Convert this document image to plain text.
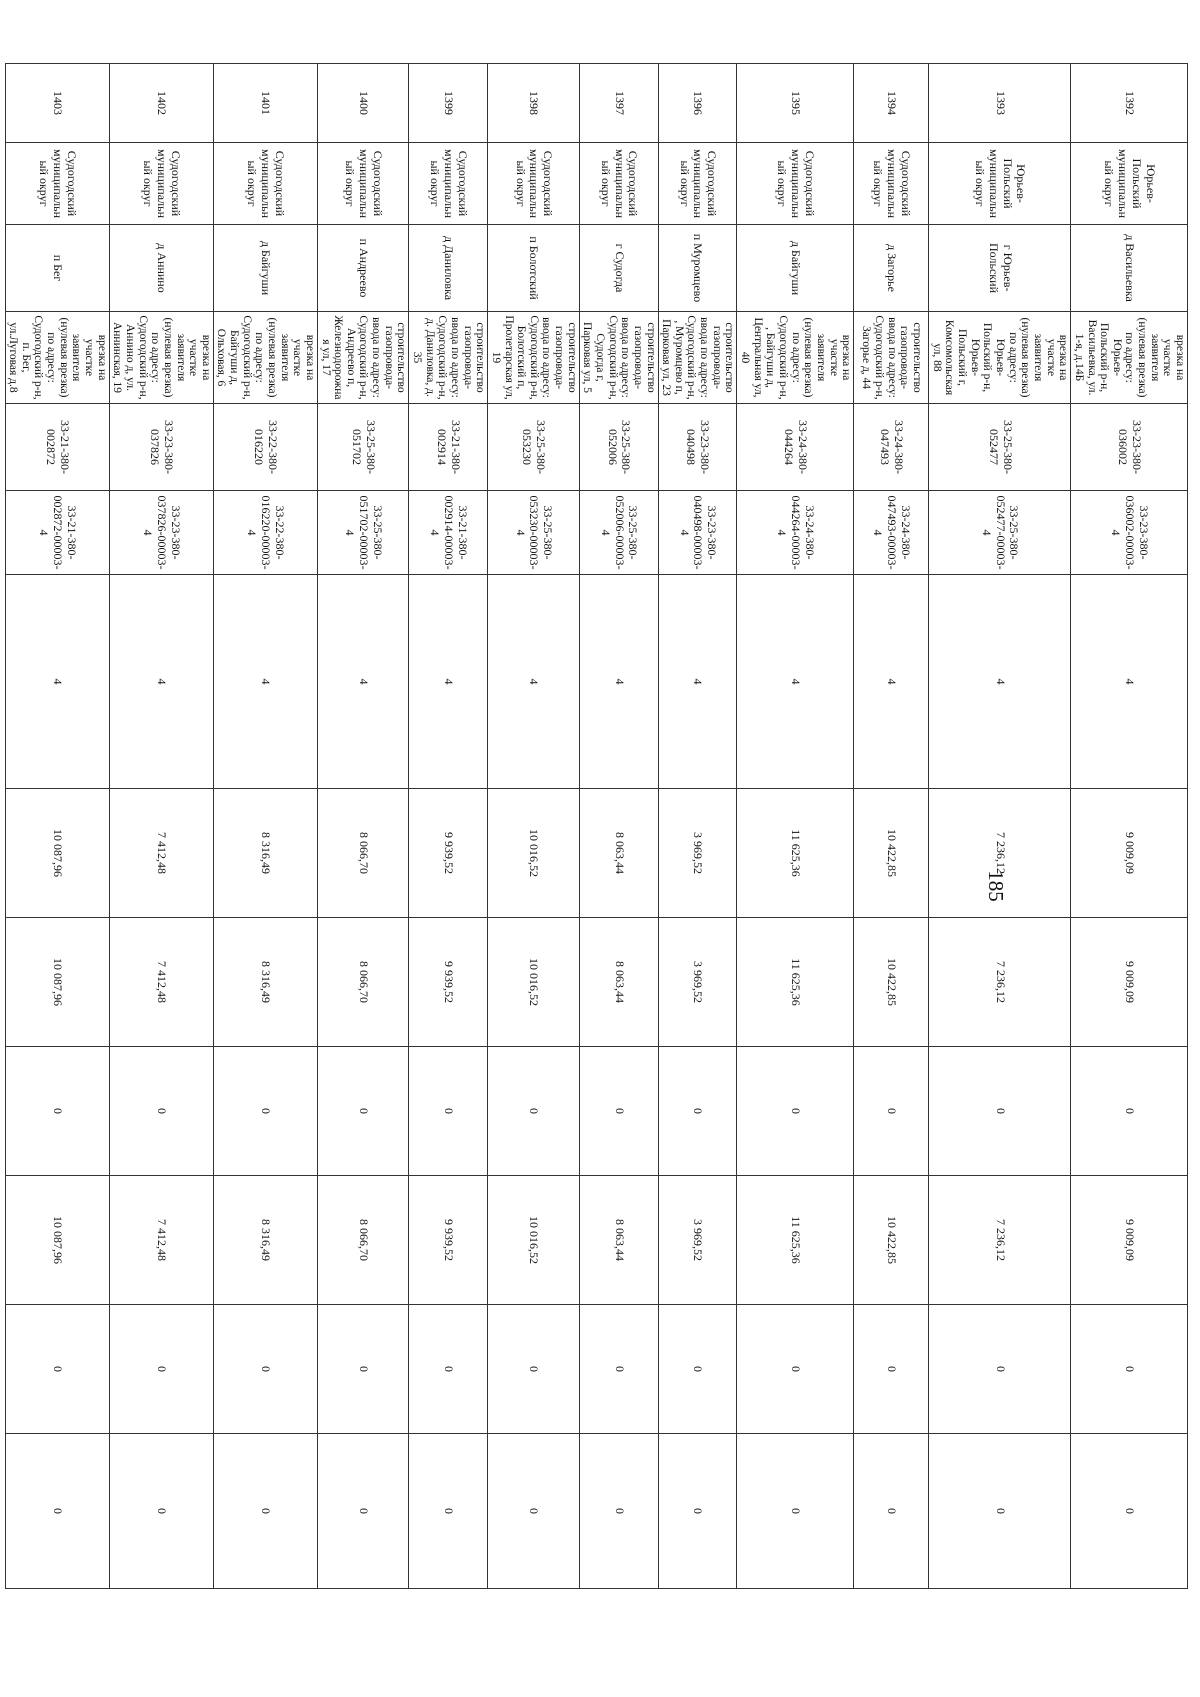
185
1392	Юрьев-Польский муниципальный округ	д Васильевка	врезка на участке заявителя (нулевая врезка) по адресу: Юрьев-Польский р-н, Васильевка, ул. 1-я, д.14Б	33-23-380-036002	33-23-380-036002-00003-4	4	9 009,09	9 009,09	0	9 009,09	0	0
1393	Юрьев-Польский муниципальный округ	г Юрьев-Польский	врезка на участке заявителя (нулевая врезка) по адресу: Юрьев-Польский р-н, Юрьев-Польский г, Комсомольская ул, 88	33-25-380-052477	33-25-380-052477-00003-4	4	7 236,12	7 236,12	0	7 236,12	0	0
1394	Судогодский муниципальный округ	д Загорье	строительство газопровода-ввода по адресу: Судогодский р-н, Загорье д, 44	33-24-380-047493	33-24-380-047493-00003-4	4	10 422,85	10 422,85	0	10 422,85	0	0
1395	Судогодский муниципальный округ	д Байгуши	врезка на участке заявителя (нулевая врезка) по адресу: Судогодский р-н, , Байгуши д, Центральная ул, 40	33-24-380-044264	33-24-380-044264-00003-4	4	11 625,36	11 625,36	0	11 625,36	0	0
1396	Судогодский муниципальный округ	п Муромцево	строительство газопровода-ввода по адресу: Судогодский р-н, , Муромцево п, Парковая ул, 23	33-23-380-040498	33-23-380-040498-00003-4	4	3 969,52	3 969,52	0	3 969,52	0	0
1397	Судогодский муниципальный округ	г Судогда	строительство газопровода-ввода по адресу: Судогодский р-н, Судогда г, Парковая ул, 5	33-25-380-052006	33-25-380-052006-00003-4	4	8 063,44	8 063,44	0	8 063,44	0	0
1398	Судогодский муниципальный округ	п Болотский	строительство газопровода-ввода по адресу: Судогодский р-н, Болотский п, Пролетарская ул, 19	33-25-380-053230	33-25-380-053230-00003-4	4	10 016,52	10 016,52	0	10 016,52	0	0
1399	Судогодский муниципальный округ	д Даниловка	строительство газопровода-ввода по адресу: Судогодский р-н, д. Даниловка, д. 35	33-21-380-002914	33-21-380-002914-00003-4	4	9 939,52	9 939,52	0	9 939,52	0	0
1400	Судогодский муниципальный округ	п Андреево	строительство газопровода-ввода по адресу: Судогодский р-н, Андреево п, Железнодорожная ул, 17	33-25-380-051702	33-25-380-051702-00003-4	4	8 066,70	8 066,70	0	8 066,70	0	0
1401	Судогодский муниципальный округ	д Байгуши	врезка на участке заявителя (нулевая врезка) по адресу: Судогодский р-н, Байгуши д, Ольховая, 6	33-22-380-016220	33-22-380-016220-00003-4	4	8 316,49	8 316,49	0	8 316,49	0	0
1402	Судогодский муниципальный округ	д Аннино	врезка на участке заявителя (нулевая врезка) по адресу: Судогодский р-н, Аннино д, ул. Аннинская, 19	33-23-380-037826	33-23-380-037826-00003-4	4	7 412,48	7 412,48	0	7 412,48	0	0
1403	Судогодский муниципальный округ	п Бег	врезка на участке заявителя (нулевая врезка) по адресу: Судогодский р-н, п. Бег, ул.Луговая д.8	33-21-380-002872	33-21-380-002872-00003-4	4	10 087,96	10 087,96	0	10 087,96	0	0
